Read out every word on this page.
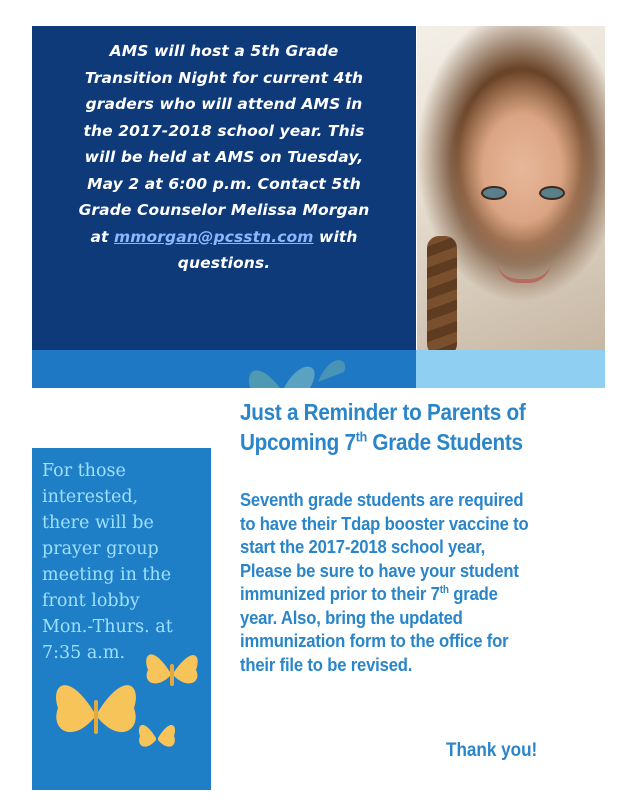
AMS will host a 5th Grade
Transition Night for current 4th
graders who will attend AMS in
the 2017-2018 school year. This
will be held at AMS on Tuesday,
May 2 at 6:00 p.m. Contact 5th
Grade Counselor Melissa Morgan
at mmorgan@pcsstn.com with
questions.
For those
interested,
there will be
prayer group
meeting in the
front lobby
Mon.-Thurs. at
7:35 a.m.
Just a Reminder to Parents of
Upcoming 7th Grade Students
Seventh grade students are required
to have their Tdap booster vaccine to
start the 2017-2018 school year,
Please be sure to have your student
immunized prior to their 7th grade
year. Also, bring the updated
immunization form to the office for
their file to be revised.
Thank you!
